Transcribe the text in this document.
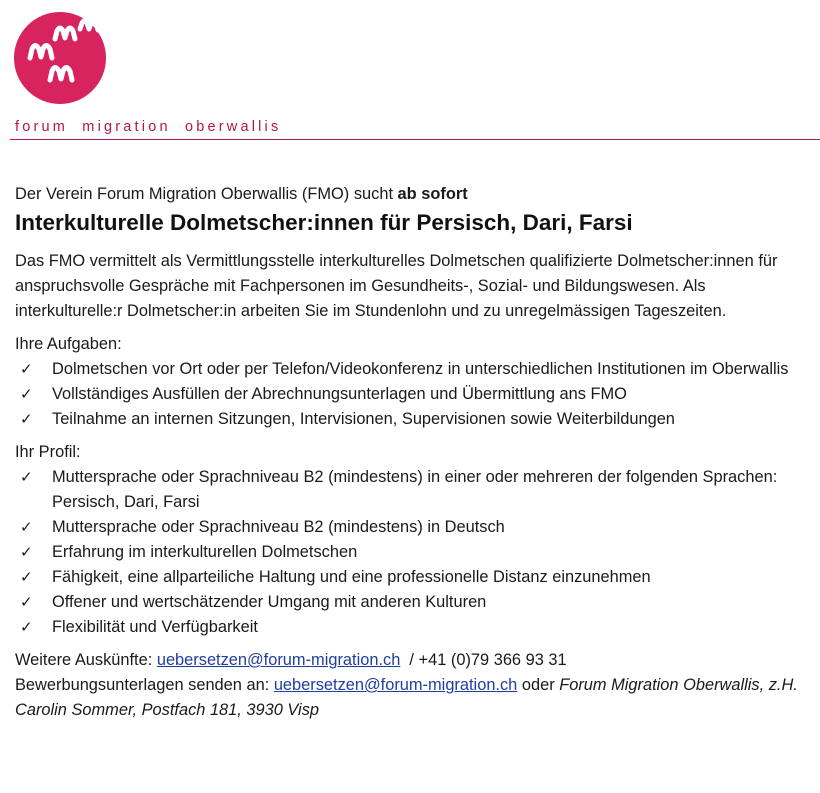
forum migration oberwallis

Der Verein Forum Migration Oberwallis (FMO) sucht ab sofort

Interkulturelle Dolmetscher:innen für Persisch, Dari, Farsi

Das FMO vermittelt als Vermittlungsstelle interkulturelles Dolmetschen qualifizierte Dolmetscher:innen für anspruchsvolle Gespräche mit Fachpersonen im Gesundheits-, Sozial- und Bildungswesen. Als interkulturelle:r Dolmetscher:in arbeiten Sie im Stundenlohn und zu unregelmässigen Tageszeiten.

Ihre Aufgaben:

✓ Dolmetschen vor Ort oder per Telefon/Videokonferenz in unterschiedlichen Institutionen im Oberwallis
✓ Vollständiges Ausfüllen der Abrechnungsunterlagen und Übermittlung ans FMO
✓ Teilnahme an internen Sitzungen, Intervisionen, Supervisionen sowie Weiterbildungen

Ihr Profil:

✓ Muttersprache oder Sprachniveau B2 (mindestens) in einer oder mehreren der folgenden Sprachen: Persisch, Dari, Farsi
✓ Muttersprache oder Sprachniveau B2 (mindestens) in Deutsch
✓ Erfahrung im interkulturellen Dolmetschen
✓ Fähigkeit, eine allparteiliche Haltung und eine professionelle Distanz einzunehmen
✓ Offener und wertschätzender Umgang mit anderen Kulturen
✓ Flexibilität und Verfügbarkeit

Weitere Auskünfte: uebersetzen@forum-migration.ch  / +41 (0)79 366 93 31

Bewerbungsunterlagen senden an: uebersetzen@forum-migration.ch oder Forum Migration Oberwallis, z.H. Carolin Sommer, Postfach 181, 3930 Visp
